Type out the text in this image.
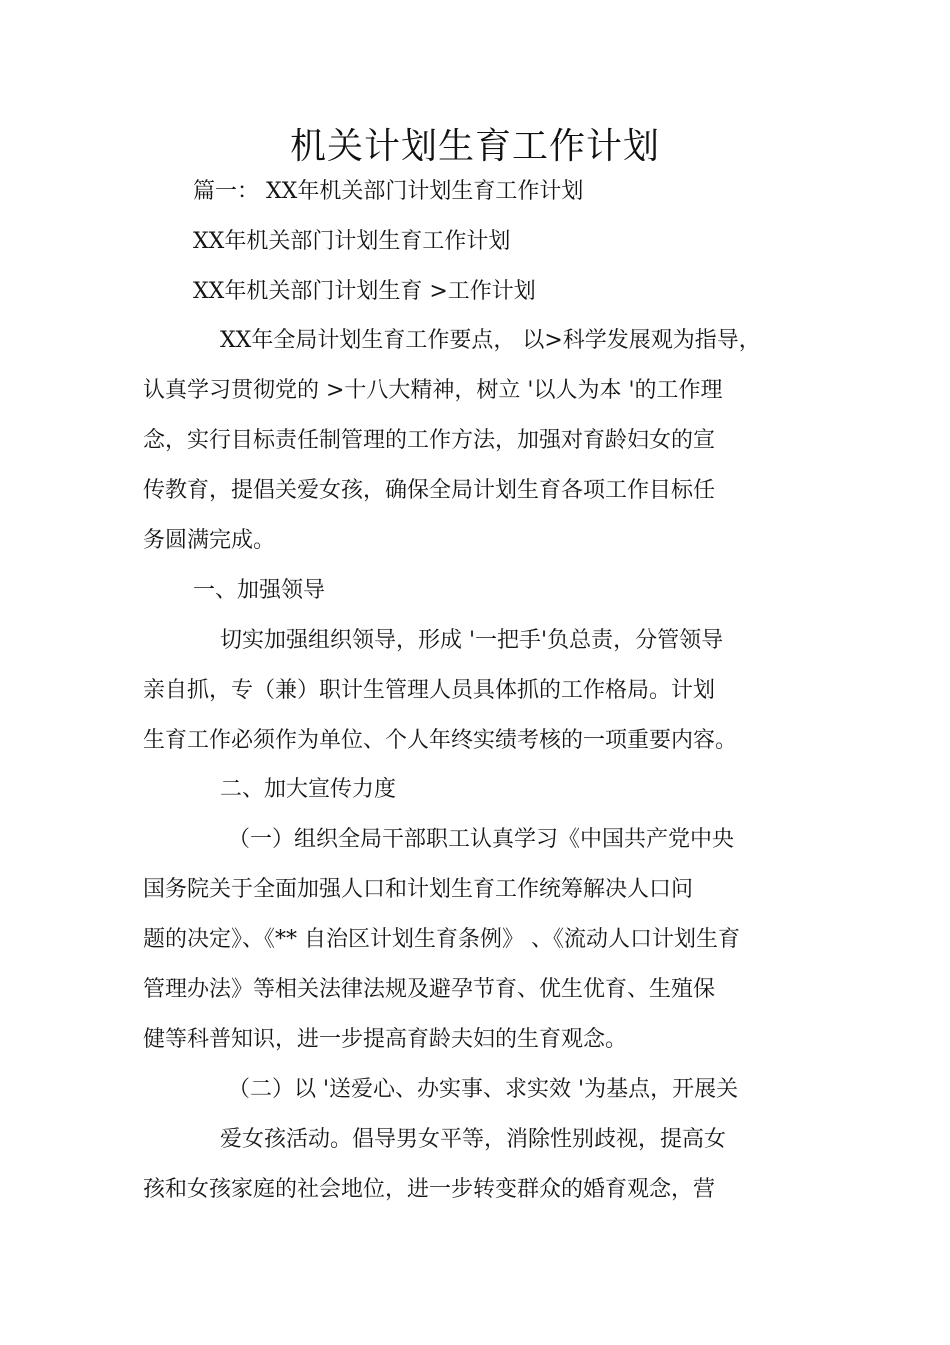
机关计划生育工作计划
篇一： XX年机关部门计划生育工作计划
XX年机关部门计划生育工作计划
XX年机关部门计划生育 >工作计划
XX年全局计划生育工作要点， 以>科学发展观为指导，
认真学习贯彻党的 >十八大精神，树立 '以人为本 '的工作理
念，实行目标责任制管理的工作方法，加强对育龄妇女的宣
传教育，提倡关爱女孩，确保全局计划生育各项工作目标任
务圆满完成。
一、加强领导
切实加强组织领导，形成 '一把手'负总责，分管领导
亲自抓，专（兼）职计生管理人员具体抓的工作格局。计划
生育工作必须作为单位、个人年终实绩考核的一项重要内容。
二、加大宣传力度
（一）组织全局干部职工认真学习《中国共产党中央
国务院关于全面加强人口和计划生育工作统筹解决人口问
题的决定》、《** 自治区计划生育条例》 、《流动人口计划生育
管理办法》等相关法律法规及避孕节育、优生优育、生殖保
健等科普知识，进一步提高育龄夫妇的生育观念。
（二）以 '送爱心、办实事、求实效 '为基点，开展关
爱女孩活动。倡导男女平等，消除性别歧视，提高女
孩和女孩家庭的社会地位，进一步转变群众的婚育观念，营
